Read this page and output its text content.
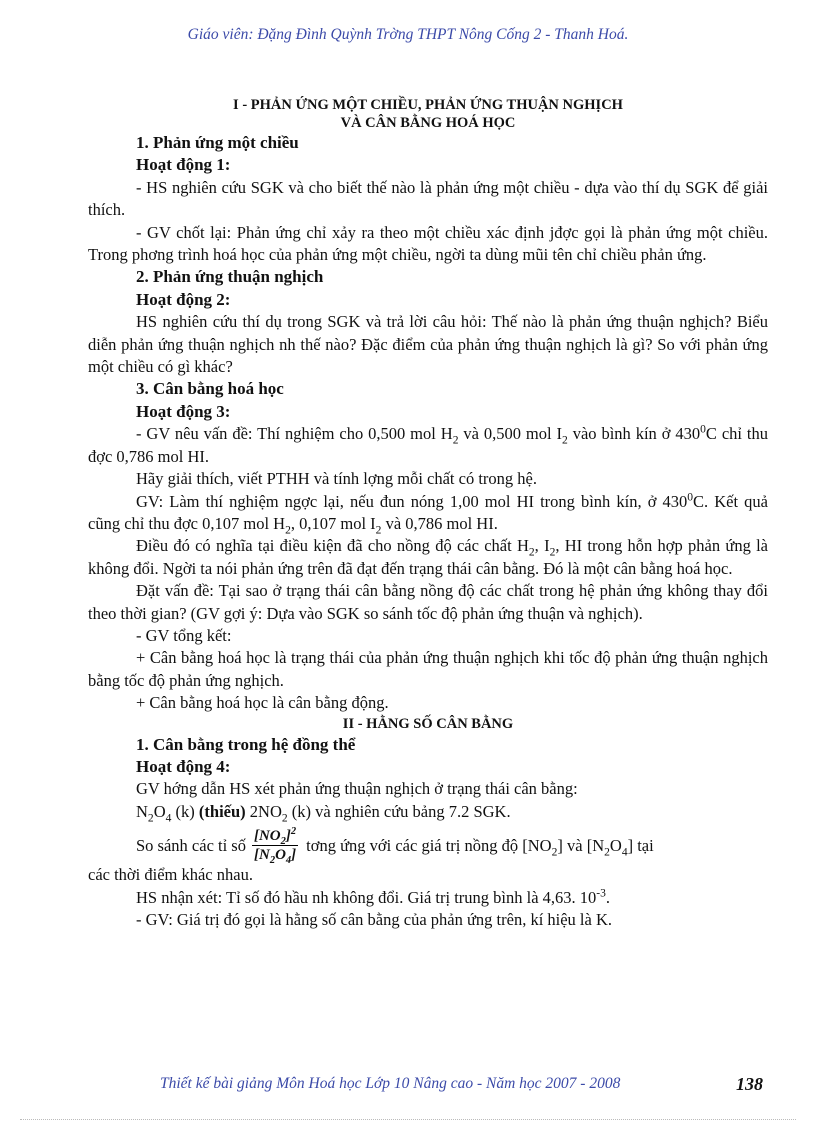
Giáo viên: Đặng Đình Quỳnh Trờng THPT Nông Cống 2 - Thanh Hoá.
I - PHẢN ỨNG MỘT CHIỀU, PHẢN ỨNG THUẬN NGHỊCH
VÀ CÂN BẰNG HOÁ HỌC
1. Phản ứng một chiều
Hoạt động 1:

- HS nghiên cứu SGK và cho biết thế nào là phản ứng một chiều - dựa vào thí dụ SGK để giải thích.

- GV chốt lại: Phản ứng chỉ xảy ra theo một chiều xác định jđợc gọi là phản ứng một chiều. Trong phơng trình hoá học của phản ứng một chiều, ngời ta dùng mũi tên chỉ chiều phản ứng.

2. Phản ứng thuận nghịch
Hoạt động 2:

HS nghiên cứu thí dụ trong SGK và trả lời câu hỏi: Thế nào là phản ứng thuận nghịch? Biểu diễn phản ứng thuận nghịch nh thế nào? Đặc điểm của phản ứng thuận nghịch là gì? So với phản ứng một chiều có gì khác?

3. Cân bằng hoá học
Hoạt động 3:

- GV nêu vấn đề: Thí nghiệm cho 0,500 mol $H_2$ và 0,500 mol $I_2$ vào bình kín ở $430^0C$ chỉ thu đợc 0,786 mol HI.

Hãy giải thích, viết PTHH và tính lợng mỗi chất có trong hệ.

GV: Làm thí nghiệm ngợc lại, nếu đun nóng 1,00 mol HI trong bình kín, ở $430^0C$. Kết quả cũng chỉ thu đợc 0,107 mol $H_2$, 0,107 mol $I_2$ và 0,786 mol HI.

Điều đó có nghĩa tại điều kiện đã cho nồng độ các chất $H_2$, $I_2$, HI trong hỗn hợp phản ứng là không đổi. Ngời ta nói phản ứng trên đã đạt đến trạng thái cân bằng. Đó là một cân bằng hoá học.

Đặt vấn đề: Tại sao ở trạng thái cân bằng nồng độ các chất trong hệ phản ứng không thay đổi theo thời gian? (GV gợi ý: Dựa vào SGK so sánh tốc độ phản ứng thuận và nghịch).

- GV tổng kết:

+ Cân bằng hoá học là trạng thái của phản ứng thuận nghịch khi tốc độ phản ứng thuận nghịch bằng tốc độ phản ứng nghịch.

+ Cân bằng hoá học là cân bằng động.

II - HẰNG SỐ CÂN BẰNG
1. Cân bằng trong hệ đồng thể
Hoạt động 4:

GV hớng dẫn HS xét phản ứng thuận nghịch ở trạng thái cân bằng:

$N_2O_4$ (k) (thiếu) $2NO_2$ (k) và nghiên cứu bảng 7.2 SGK.

So sánh các tỉ số $\frac{[NO_2]^2}{[N_2O_4]}$ tơng ứng với các giá trị nồng độ $[NO_2]$ và $[N_2O_4]$ tại

các thời điểm khác nhau.

HS nhận xét: Tỉ số đó hầu nh không đổi. Giá trị trung bình là 4,63. $10^{-3}$.

- GV: Giá trị đó gọi là hằng số cân bằng của phản ứng trên, kí hiệu là K.

Thiết kế bài giảng Môn Hoá học Lớp 10 Nâng cao - Năm học 2007 - 2008	138
